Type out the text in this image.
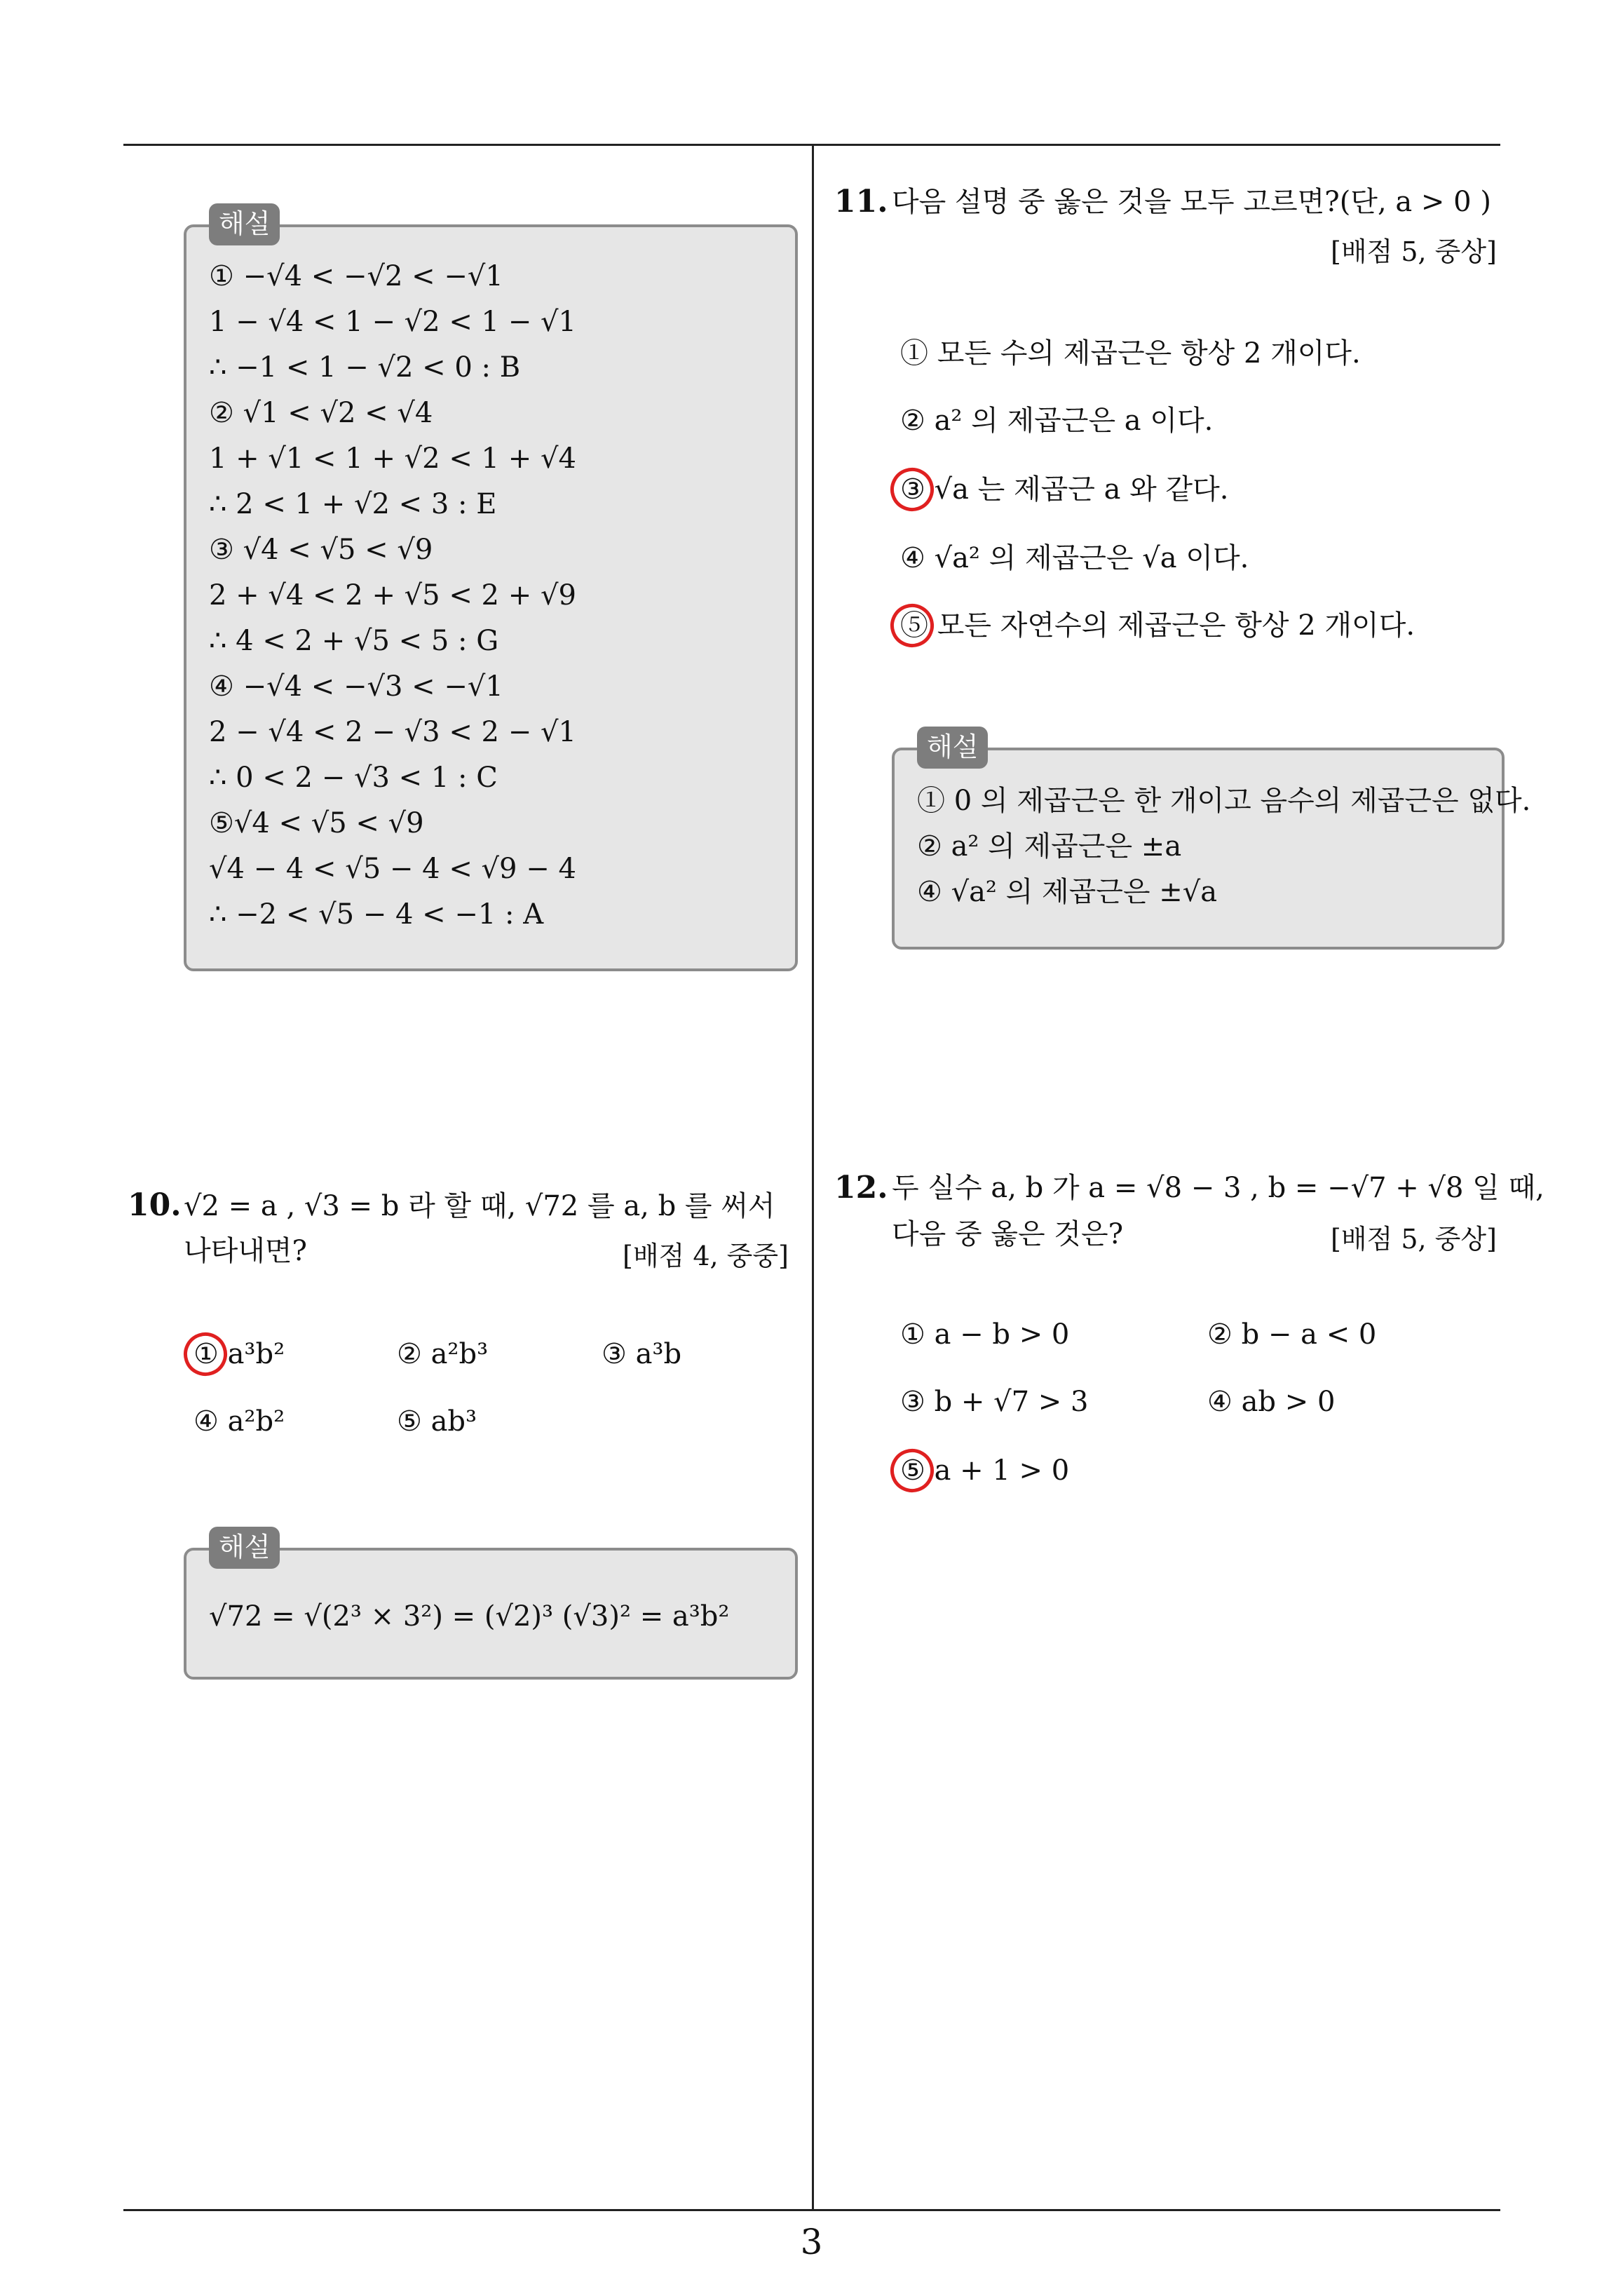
해설
① −√4 < −√2 < −√1
1 − √4 < 1 − √2 < 1 − √1
∴ −1 < 1 − √2 < 0 : B
② √1 < √2 < √4
1 + √1 < 1 + √2 < 1 + √4
∴ 2 < 1 + √2 < 3 : E
③ √4 < √5 < √9
2 + √4 < 2 + √5 < 2 + √9
∴ 4 < 2 + √5 < 5 : G
④ −√4 < −√3 < −√1
2 − √4 < 2 − √3 < 2 − √1
∴ 0 < 2 − √3 < 1 : C
⑤√4 < √5 < √9
√4 − 4 < √5 − 4 < √9 − 4
∴ −2 < √5 − 4 < −1 : A
10. √2 = a , √3 = b 라 할 때, √72 를 a, b 를 써서
나타내면?	[배점 4, 중중]
① a³b²	② a²b³	③ a³b
④ a²b²	⑤ ab³
해설
√72 = √(2³ × 3²) = (√2)³ (√3)² = a³b²
11. 다음 설명 중 옳은 것을 모두 고르면?(단, a > 0 )
[배점 5, 중상]
① 모든 수의 제곱근은 항상 2 개이다.
② a² 의 제곱근은 a 이다.
③ √a 는 제곱근 a 와 같다.
④ √a² 의 제곱근은 √a 이다.
⑤ 모든 자연수의 제곱근은 항상 2 개이다.
해설
① 0 의 제곱근은 한 개이고 음수의 제곱근은 없다.
② a² 의 제곱근은 ±a
④ √a² 의 제곱근은 ±√a
12. 두 실수 a, b 가 a = √8 − 3 , b = −√7 + √8 일 때,
다음 중 옳은 것은?	[배점 5, 중상]
① a − b > 0	② b − a < 0
③ b + √7 > 3	④ ab > 0
⑤ a + 1 > 0
3
